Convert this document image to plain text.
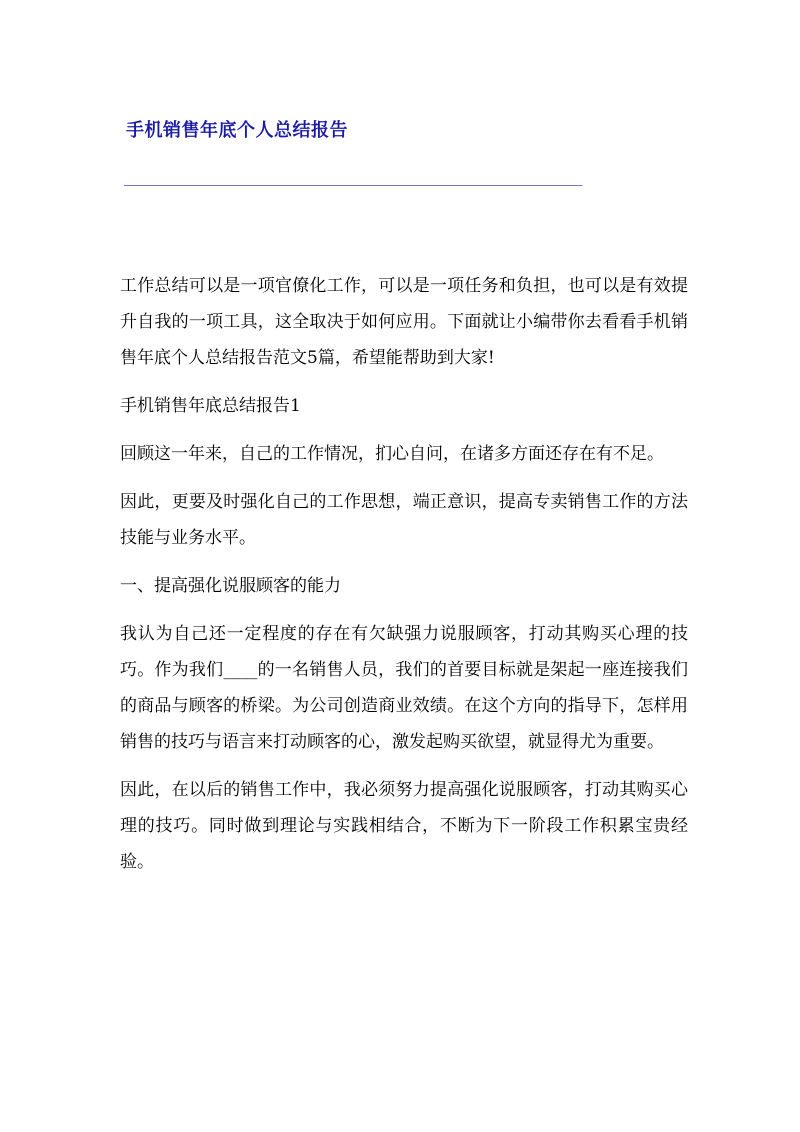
手机销售年底个人总结报告
______________________________________________________

工作总结可以是一项官僚化工作，可以是一项任务和负担，也可以是有效提升自我的一项工具，这全取决于如何应用。下面就让小编带你去看看手机销售年底个人总结报告范文5篇，希望能帮助到大家!

手机销售年底总结报告1

回顾这一年来，自己的工作情况，扪心自问，在诸多方面还存在有不足。

因此，更要及时强化自己的工作思想，端正意识，提高专卖销售工作的方法技能与业务水平。

一、提高强化说服顾客的能力

我认为自己还一定程度的存在有欠缺强力说服顾客，打动其购买心理的技巧。作为我们____的一名销售人员，我们的首要目标就是架起一座连接我们的商品与顾客的桥梁。为公司创造商业效绩。在这个方向的指导下，怎样用销售的技巧与语言来打动顾客的心，激发起购买欲望，就显得尤为重要。

因此，在以后的销售工作中，我必须努力提高强化说服顾客，打动其购买心理的技巧。同时做到理论与实践相结合，不断为下一阶段工作积累宝贵经验。
